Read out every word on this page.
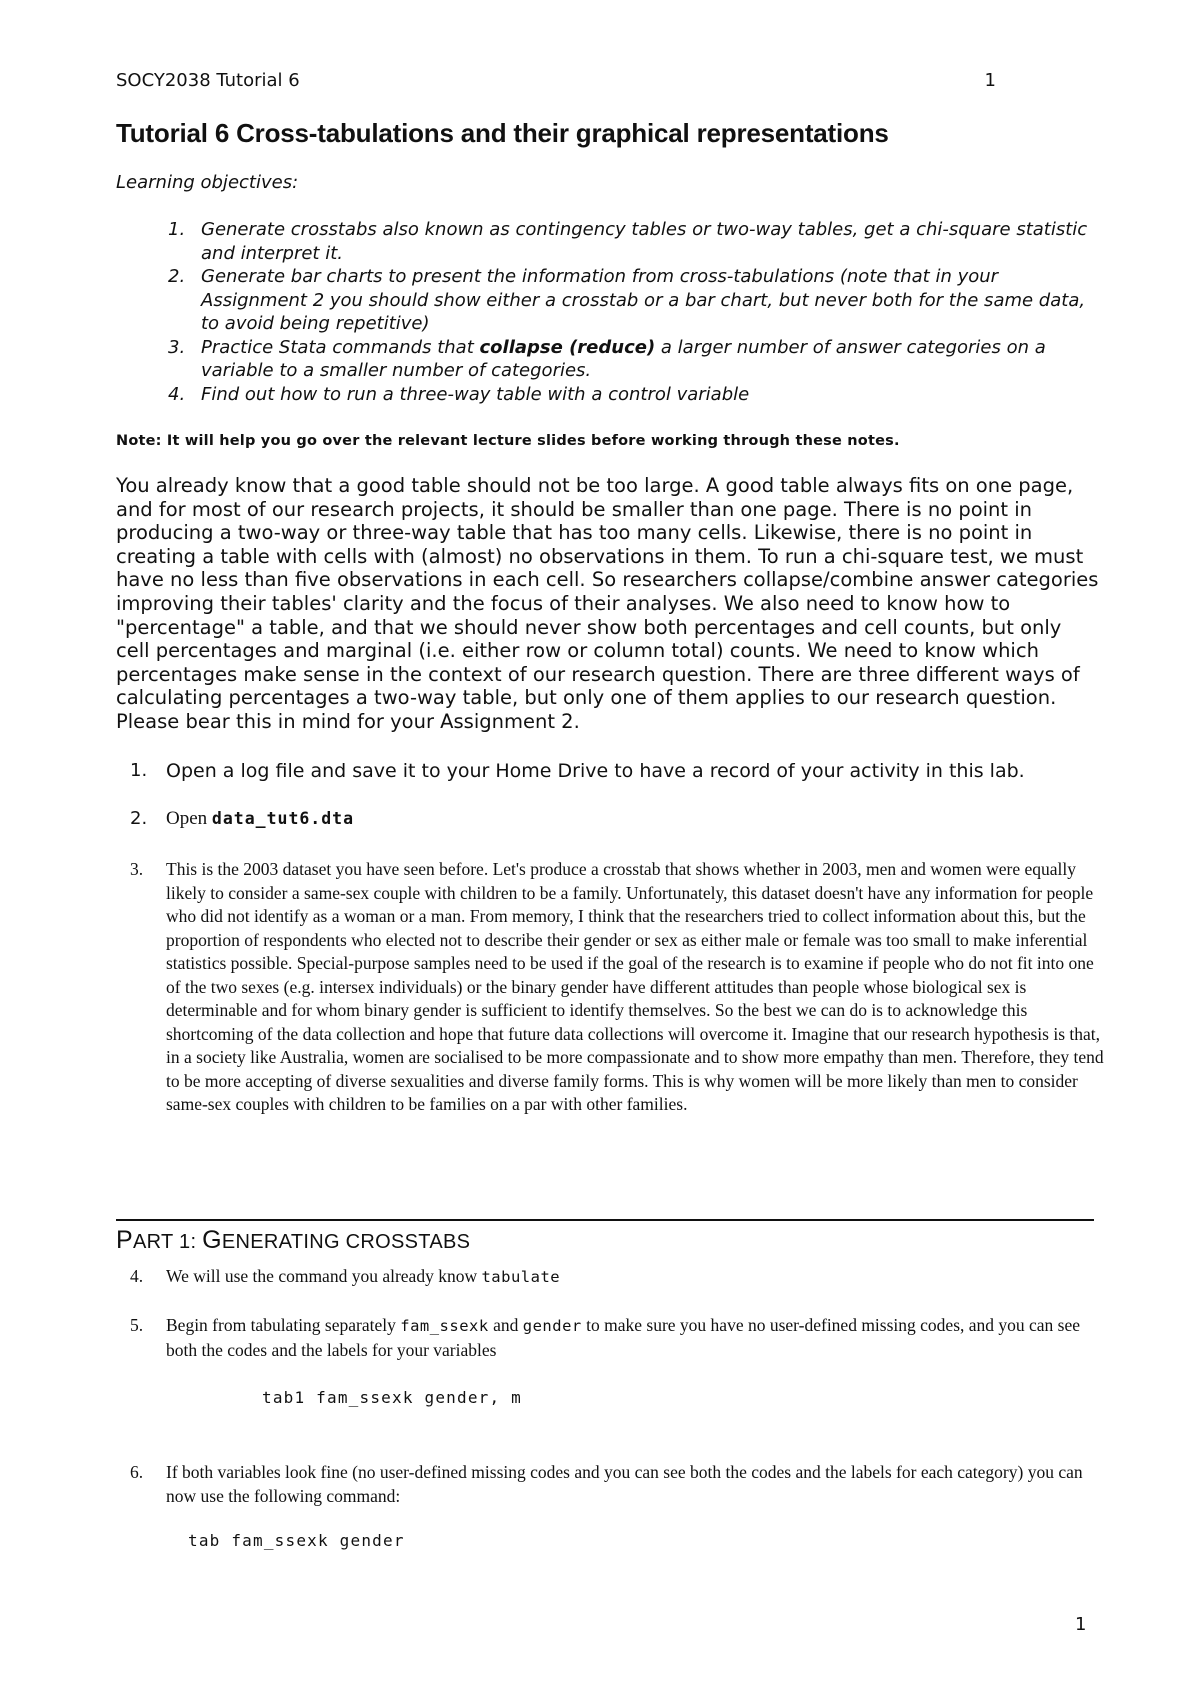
SOCY2038 Tutorial 6	1
Tutorial 6 Cross-tabulations and their graphical representations
Learning objectives:
1. Generate crosstabs also known as contingency tables or two-way tables, get a chi-square statistic and interpret it.
2. Generate bar charts to present the information from cross-tabulations (note that in your Assignment 2 you should show either a crosstab or a bar chart, but never both for the same data, to avoid being repetitive)
3. Practice Stata commands that collapse (reduce) a larger number of answer categories on a variable to a smaller number of categories.
4. Find out how to run a three-way table with a control variable
Note: It will help you go over the relevant lecture slides before working through these notes.

You already know that a good table should not be too large. A good table always fits on one page, and for most of our research projects, it should be smaller than one page. There is no point in producing a two-way or three-way table that has too many cells. Likewise, there is no point in creating a table with cells with (almost) no observations in them. To run a chi-square test, we must have no less than five observations in each cell. So researchers collapse/combine answer categories improving their tables' clarity and the focus of their analyses. We also need to know how to "percentage" a table, and that we should never show both percentages and cell counts, but only cell percentages and marginal (i.e. either row or column total) counts. We need to know which percentages make sense in the context of our research question. There are three different ways of calculating percentages a two-way table, but only one of them applies to our research question. Please bear this in mind for your Assignment 2.

1. Open a log file and save it to your Home Drive to have a record of your activity in this lab.
2. Open data_tut6.dta
3. This is the 2003 dataset you have seen before. Let's produce a crosstab that shows whether in 2003, men and women were equally likely to consider a same-sex couple with children to be a family. Unfortunately, this dataset doesn't have any information for people who did not identify as a woman or a man. From memory, I think that the researchers tried to collect information about this, but the proportion of respondents who elected not to describe their gender or sex as either male or female was too small to make inferential statistics possible. Special-purpose samples need to be used if the goal of the research is to examine if people who do not fit into one of the two sexes (e.g. intersex individuals) or the binary gender have different attitudes than people whose biological sex is determinable and for whom binary gender is sufficient to identify themselves. So the best we can do is to acknowledge this shortcoming of the data collection and hope that future data collections will overcome it. Imagine that our research hypothesis is that, in a society like Australia, women are socialised to be more compassionate and to show more empathy than men. Therefore, they tend to be more accepting of diverse sexualities and diverse family forms. This is why women will be more likely than men to consider same-sex couples with children to be families on a par with other families.
PART 1: GENERATING CROSSTABS
4. We will use the command you already know tabulate
5. Begin from tabulating separately fam_ssexk and gender to make sure you have no user-defined missing codes, and you can see both the codes and the labels for your variables
tab1 fam_ssexk gender, m
6. If both variables look fine (no user-defined missing codes and you can see both the codes and the labels for each category) you can now use the following command:
tab fam_ssexk gender
1
